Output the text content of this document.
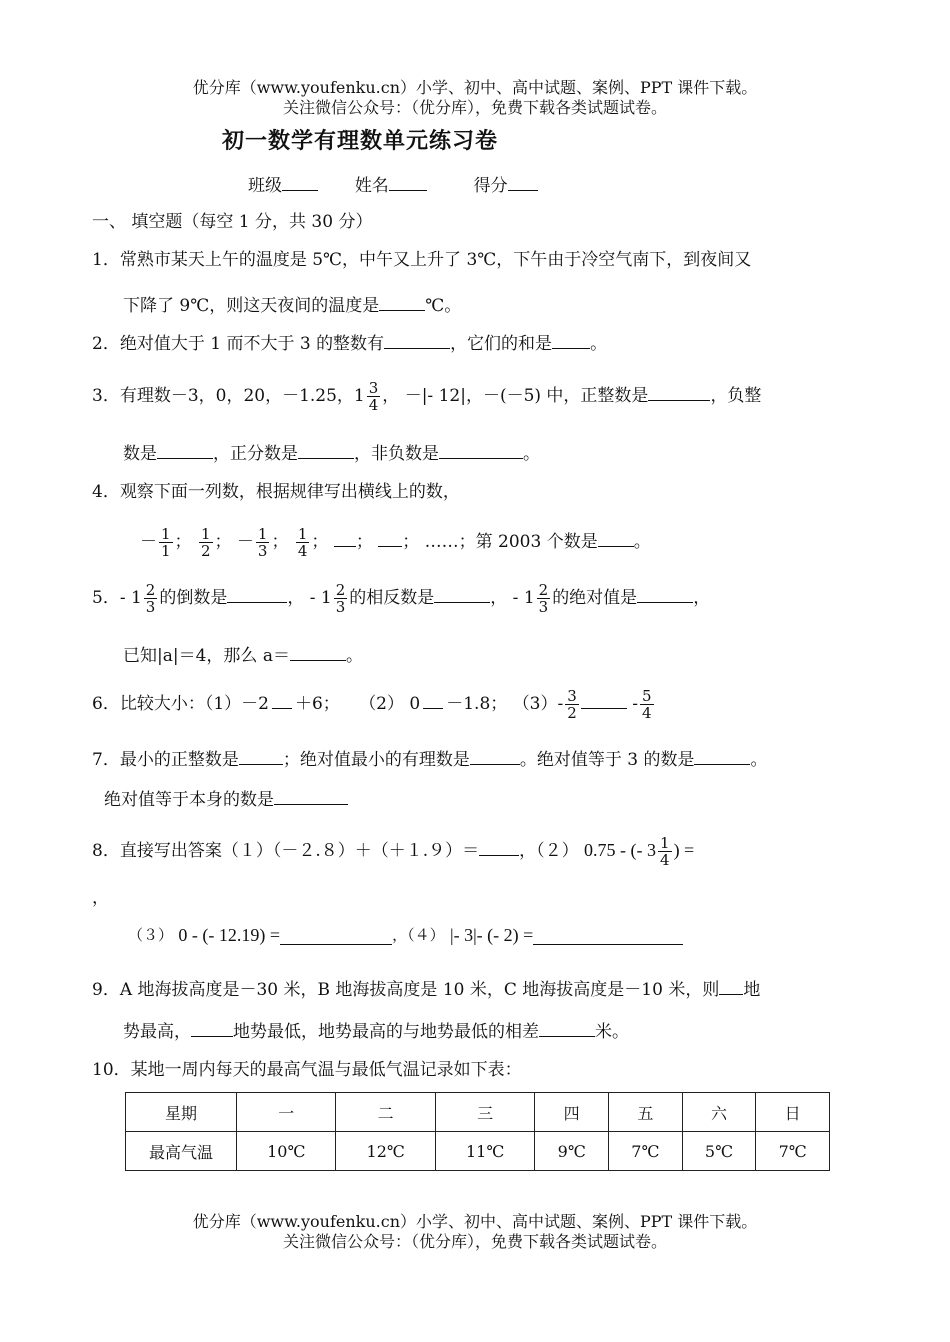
优分库（www.youfenku.cn）小学、初中、高中试题、案例、PPT 课件下载。
关注微信公众号：（优分库），免费下载各类试题试卷。
初一数学有理数单元练习卷
班级	姓名	得分
一、 填空题（每空 1 分，共 30 分）
1．常熟市某天上午的温度是 5℃，中午又上升了 3℃，下午由于冷空气南下，到夜间又
下降了 9℃，则这天夜间的温度是	℃。
2．绝对值大于 1 而不大于 3 的整数有	，它们的和是 。
3．有理数－3，0，20，－1.25，$1 \frac{3}{4}$ ， －|- 12|，－(－5) 中，正整数是	，负整
数是	，正分数是	，非负数是	。
4．观察下面一列数，根据规律写出横线上的数，
－ $\frac{1}{1}$ ； $\frac{1}{2}$ ； － $\frac{1}{3}$ ； $\frac{1}{4}$ ； ； ； ……；第 2003 个数是 。
5．- $1 \frac{2}{3}$ 的倒数是	， - $1 \frac{2}{3}$ 的相反数是	， - $1 \frac{2}{3}$ 的绝对值是	，
已知|a|＝4，那么 a＝	。
6．比较大小：（1）－2 ＋6； （2） 0 －1.8； $(3)- \frac{3}{2}$	- $\frac{5}{4}$
7．最小的正整数是	；绝对值最小的有理数是	。绝对值等于 3 的数是	。
绝对值等于本身的数是
8．直接写出答案（１）（－２.８）＋（＋１.９）＝ ，（２） 0.75 - (- $3 \frac{1}{4}$ ) =
，
（３） 0 - (- 12.19) =	，（４） |- 3|- (- 2) =
9．A 地海拔高度是－30 米，B 地海拔高度是 10 米，C 地海拔高度是－10 米，则 地
势最高， 地势最低，地势最高的与地势最低的相差	米。
10．某地一周内每天的最高气温与最低气温记录如下表：
星期	一	二	三	四	五	六	日
最高气温	10℃	12℃	11℃	9℃	7℃	5℃	7℃
优分库（www.youfenku.cn）小学、初中、高中试题、案例、PPT 课件下载。
关注微信公众号：（优分库），免费下载各类试题试卷。
